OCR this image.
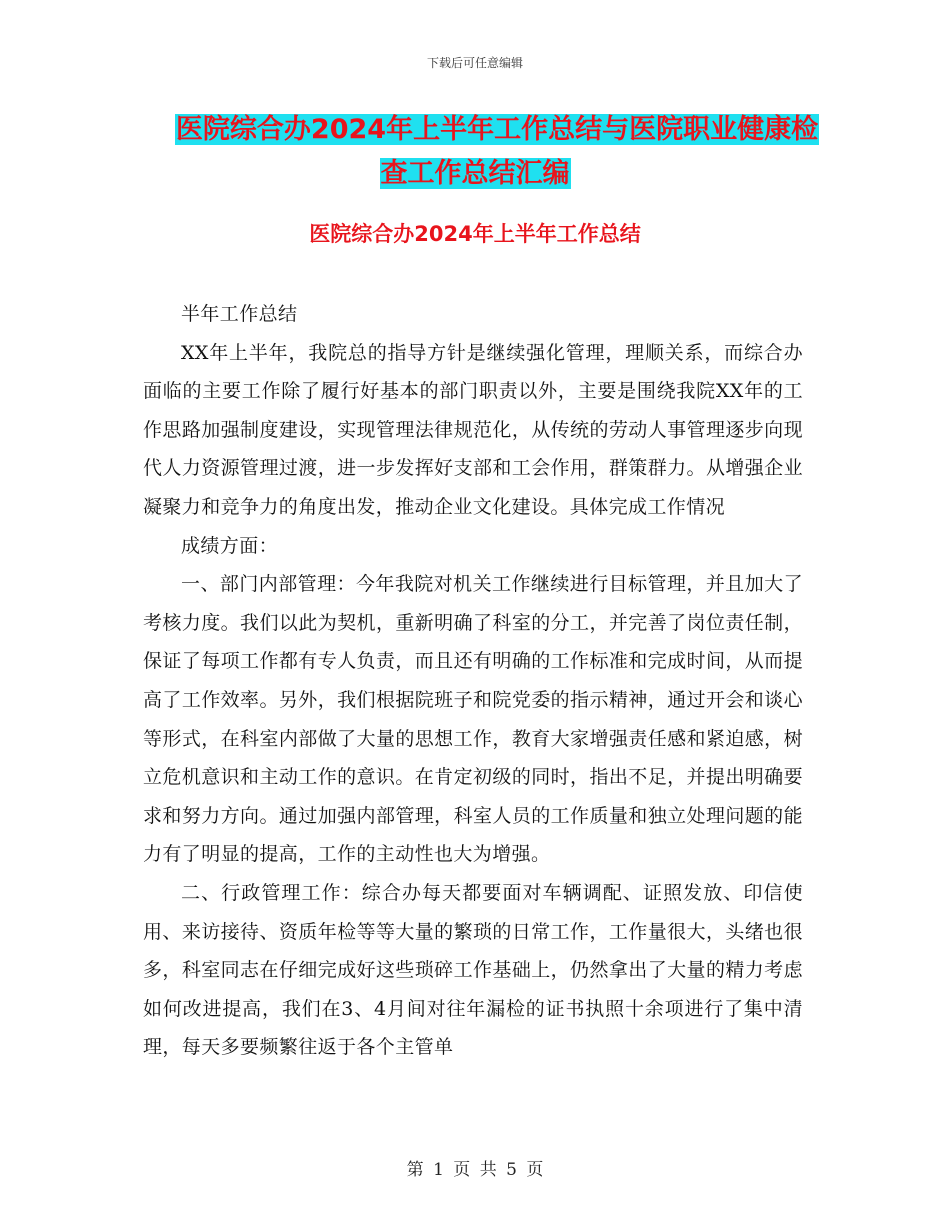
下载后可任意编辑
医院综合办2024年上半年工作总结与医院职业健康检
查工作总结汇编
医院综合办2024年上半年工作总结

半年工作总结

XX年上半年，我院总的指导方针是继续强化管理，理顺关系，而综合办面临的主要工作除了履行好基本的部门职责以外，主要是围绕我院XX年的工作思路加强制度建设，实现管理法律规范化，从传统的劳动人事管理逐步向现代人力资源管理过渡，进一步发挥好支部和工会作用，群策群力。从增强企业凝聚力和竞争力的角度出发，推动企业文化建设。具体完成工作情况

成绩方面：

一、部门内部管理：今年我院对机关工作继续进行目标管理，并且加大了考核力度。我们以此为契机，重新明确了科室的分工，并完善了岗位责任制，保证了每项工作都有专人负责，而且还有明确的工作标准和完成时间，从而提高了工作效率。另外，我们根据院班子和院党委的指示精神，通过开会和谈心等形式，在科室内部做了大量的思想工作，教育大家增强责任感和紧迫感，树立危机意识和主动工作的意识。在肯定初级的同时，指出不足，并提出明确要求和努力方向。通过加强内部管理，科室人员的工作质量和独立处理问题的能力有了明显的提高，工作的主动性也大为增强。

二、行政管理工作：综合办每天都要面对车辆调配、证照发放、印信使用、来访接待、资质年检等等大量的繁琐的日常工作，工作量很大，头绪也很多，科室同志在仔细完成好这些琐碎工作基础上，仍然拿出了大量的精力考虑如何改进提高，我们在3、4月间对往年漏检的证书执照十余项进行了集中清理，每天多要频繁往返于各个主管单

第 1 页 共 5 页
